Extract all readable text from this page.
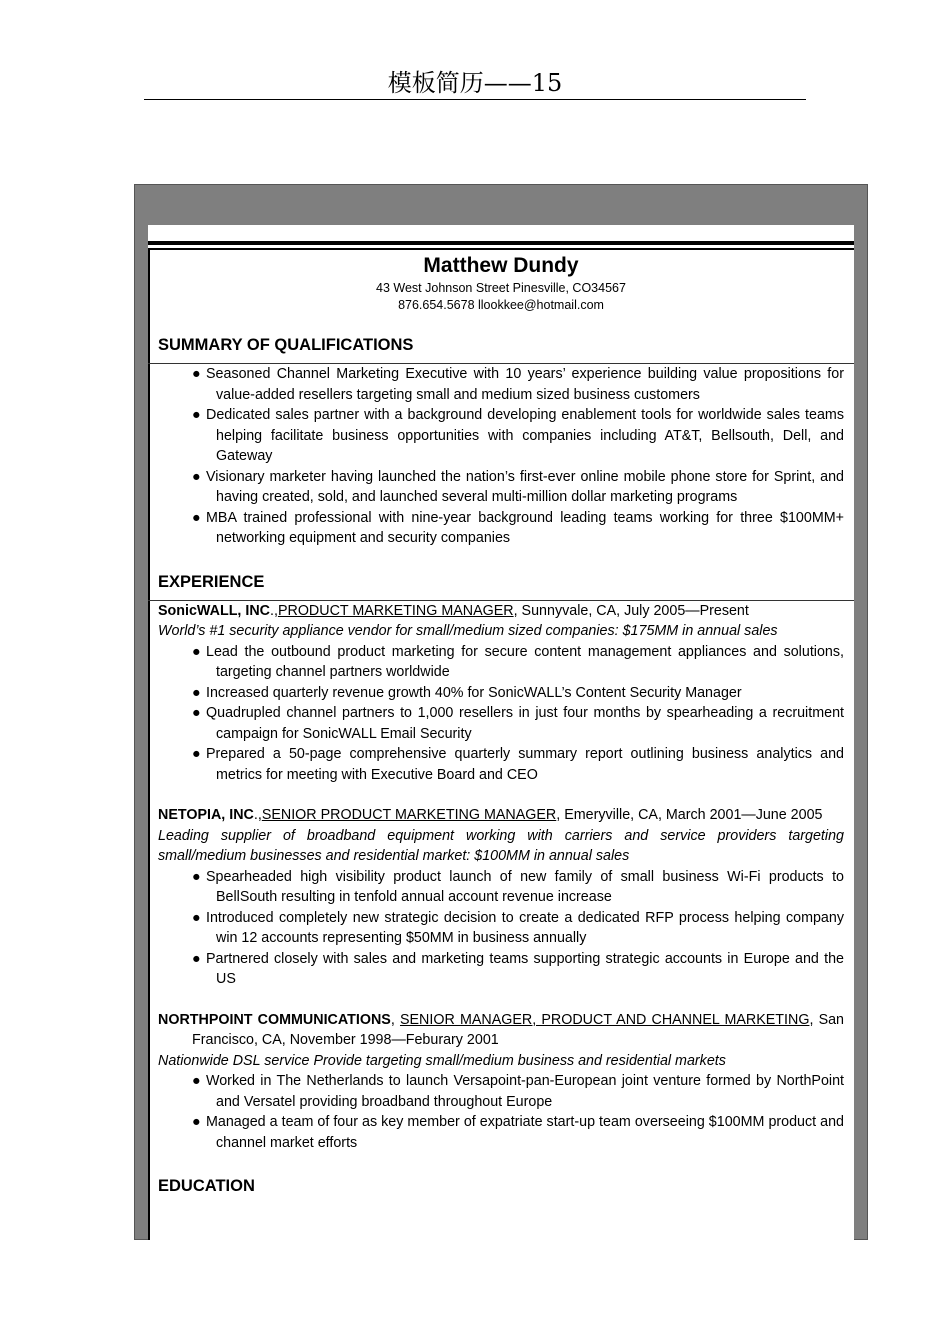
模板简历——15
Matthew Dundy
43 West Johnson Street Pinesville, CO34567
876.654.5678 llookkee@hotmail.com
SUMMARY OF QUALIFICATIONS
● Seasoned Channel Marketing Executive with 10 years’ experience building value propositions for value-added resellers targeting small and medium sized business customers
● Dedicated sales partner with a background developing enablement tools for worldwide sales teams helping facilitate business opportunities with companies including AT&T, Bellsouth, Dell, and Gateway
● Visionary marketer having launched the nation’s first-ever online mobile phone store for Sprint, and having created, sold, and launched several multi-million dollar marketing programs
● MBA trained professional with nine-year background leading teams working for three $100MM+ networking equipment and security companies
EXPERIENCE
SonicWALL, INC.,PRODUCT MARKETING MANAGER, Sunnyvale, CA, July 2005—Present
World’s #1 security appliance vendor for small/medium sized companies: $175MM in annual sales
● Lead the outbound product marketing for secure content management appliances and solutions, targeting channel partners worldwide
● Increased quarterly revenue growth 40% for SonicWALL’s Content Security Manager
● Quadrupled channel partners to 1,000 resellers in just four months by spearheading a recruitment campaign for SonicWALL Email Security
● Prepared a 50-page comprehensive quarterly summary report outlining business analytics and metrics for meeting with Executive Board and CEO
NETOPIA, INC.,SENIOR PRODUCT MARKETING MANAGER, Emeryville, CA, March 2001—June 2005
Leading supplier of broadband equipment working with carriers and service providers targeting small/medium businesses and residential market: $100MM in annual sales
● Spearheaded high visibility product launch of new family of small business Wi-Fi products to BellSouth resulting in tenfold annual account revenue increase
● Introduced completely new strategic decision to create a dedicated RFP process helping company win 12 accounts representing $50MM in business annually
● Partnered closely with sales and marketing teams supporting strategic accounts in Europe and the US
NORTHPOINT COMMUNICATIONS, SENIOR MANAGER, PRODUCT AND CHANNEL MARKETING, San Francisco, CA, November 1998—Feburary 2001
Nationwide DSL service Provide targeting small/medium business and residential markets
● Worked in The Netherlands to launch Versapoint-pan-European joint venture formed by NorthPoint and Versatel providing broadband throughout Europe
● Managed a team of four as key member of expatriate start-up team overseeing $100MM product and channel market efforts
EDUCATION
